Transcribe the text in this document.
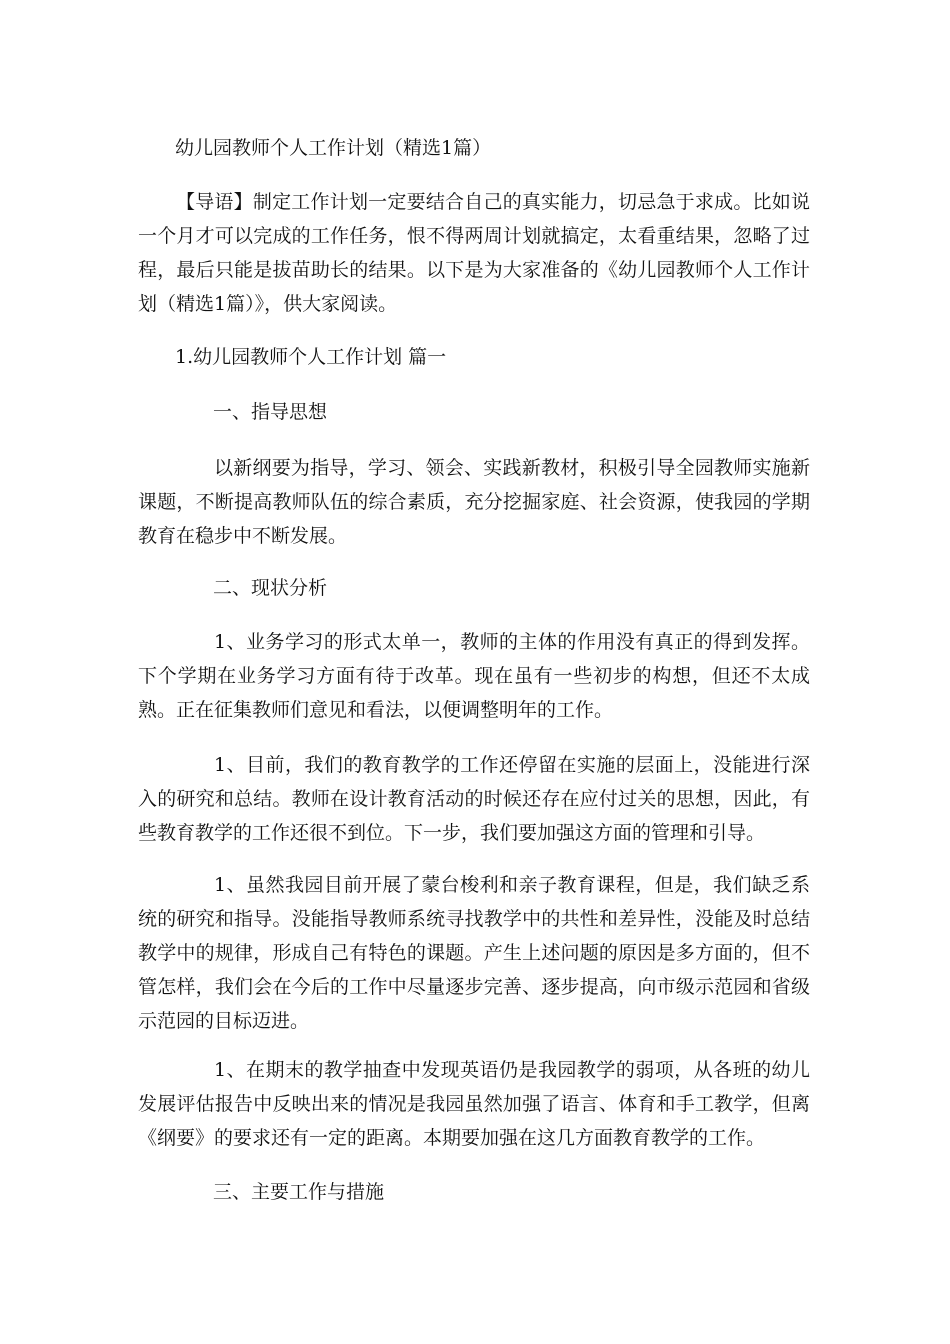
幼儿园教师个人工作计划（精选1篇）
【导语】制定工作计划一定要结合自己的真实能力，切忌急于求成。比如说一个月才可以完成的工作任务，恨不得两周计划就搞定，太看重结果，忽略了过程，最后只能是拔苗助长的结果。以下是为大家准备的《幼儿园教师个人工作计划（精选1篇）》，供大家阅读。
1.幼儿园教师个人工作计划 篇一
一、指导思想
以新纲要为指导，学习、领会、实践新教材，积极引导全园教师实施新课题，不断提高教师队伍的综合素质，充分挖掘家庭、社会资源，使我园的学期教育在稳步中不断发展。
二、现状分析
1、业务学习的形式太单一，教师的主体的作用没有真正的得到发挥。下个学期在业务学习方面有待于改革。现在虽有一些初步的构想，但还不太成熟。正在征集教师们意见和看法，以便调整明年的工作。
1、目前，我们的教育教学的工作还停留在实施的层面上，没能进行深入的研究和总结。教师在设计教育活动的时候还存在应付过关的思想，因此，有些教育教学的工作还很不到位。下一步，我们要加强这方面的管理和引导。
1、虽然我园目前开展了蒙台梭利和亲子教育课程，但是，我们缺乏系统的研究和指导。没能指导教师系统寻找教学中的共性和差异性，没能及时总结教学中的规律，形成自己有特色的课题。产生上述问题的原因是多方面的，但不管怎样，我们会在今后的工作中尽量逐步完善、逐步提高，向市级示范园和省级示范园的目标迈进。
1、在期末的教学抽查中发现英语仍是我园教学的弱项，从各班的幼儿发展评估报告中反映出来的情况是我园虽然加强了语言、体育和手工教学，但离《纲要》的要求还有一定的距离。本期要加强在这几方面教育教学的工作。
三、主要工作与措施
